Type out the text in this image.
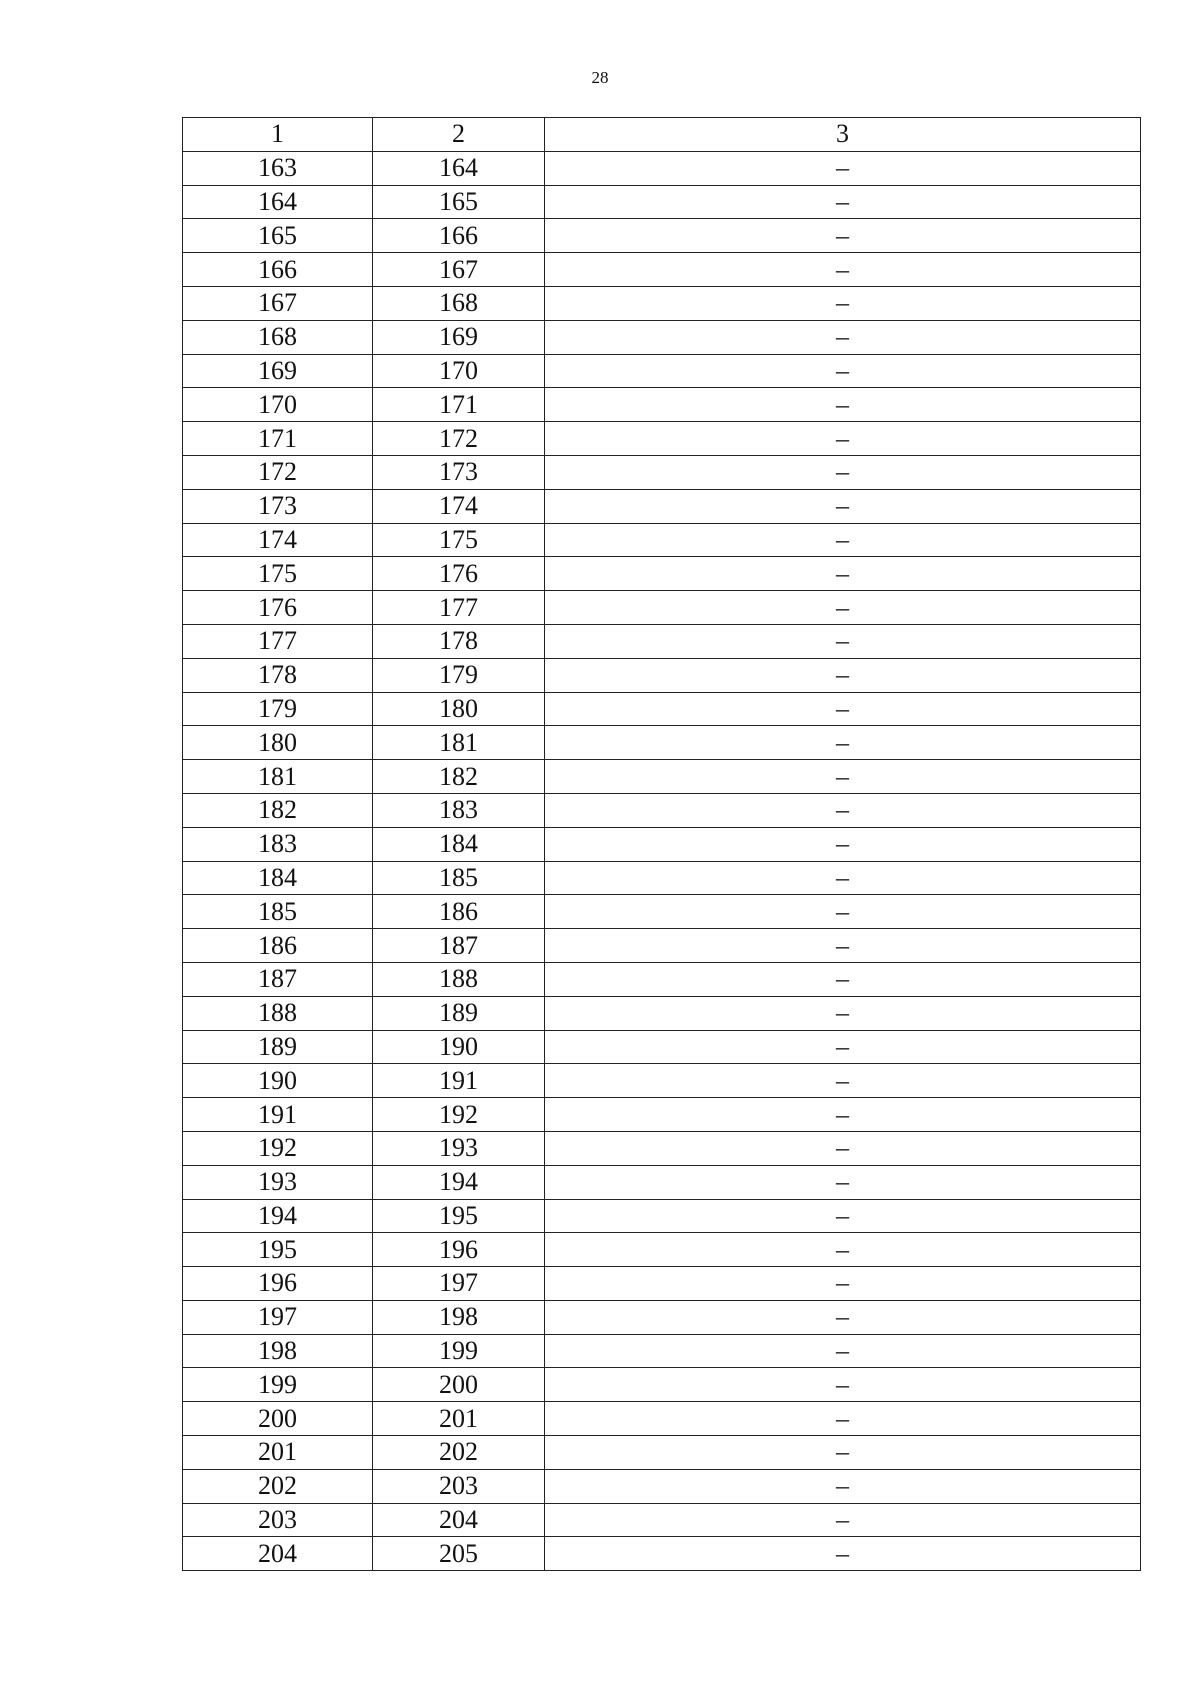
28
1	2	3
163	164	–
164	165	–
165	166	–
166	167	–
167	168	–
168	169	–
169	170	–
170	171	–
171	172	–
172	173	–
173	174	–
174	175	–
175	176	–
176	177	–
177	178	–
178	179	–
179	180	–
180	181	–
181	182	–
182	183	–
183	184	–
184	185	–
185	186	–
186	187	–
187	188	–
188	189	–
189	190	–
190	191	–
191	192	–
192	193	–
193	194	–
194	195	–
195	196	–
196	197	–
197	198	–
198	199	–
199	200	–
200	201	–
201	202	–
202	203	–
203	204	–
204	205	–
